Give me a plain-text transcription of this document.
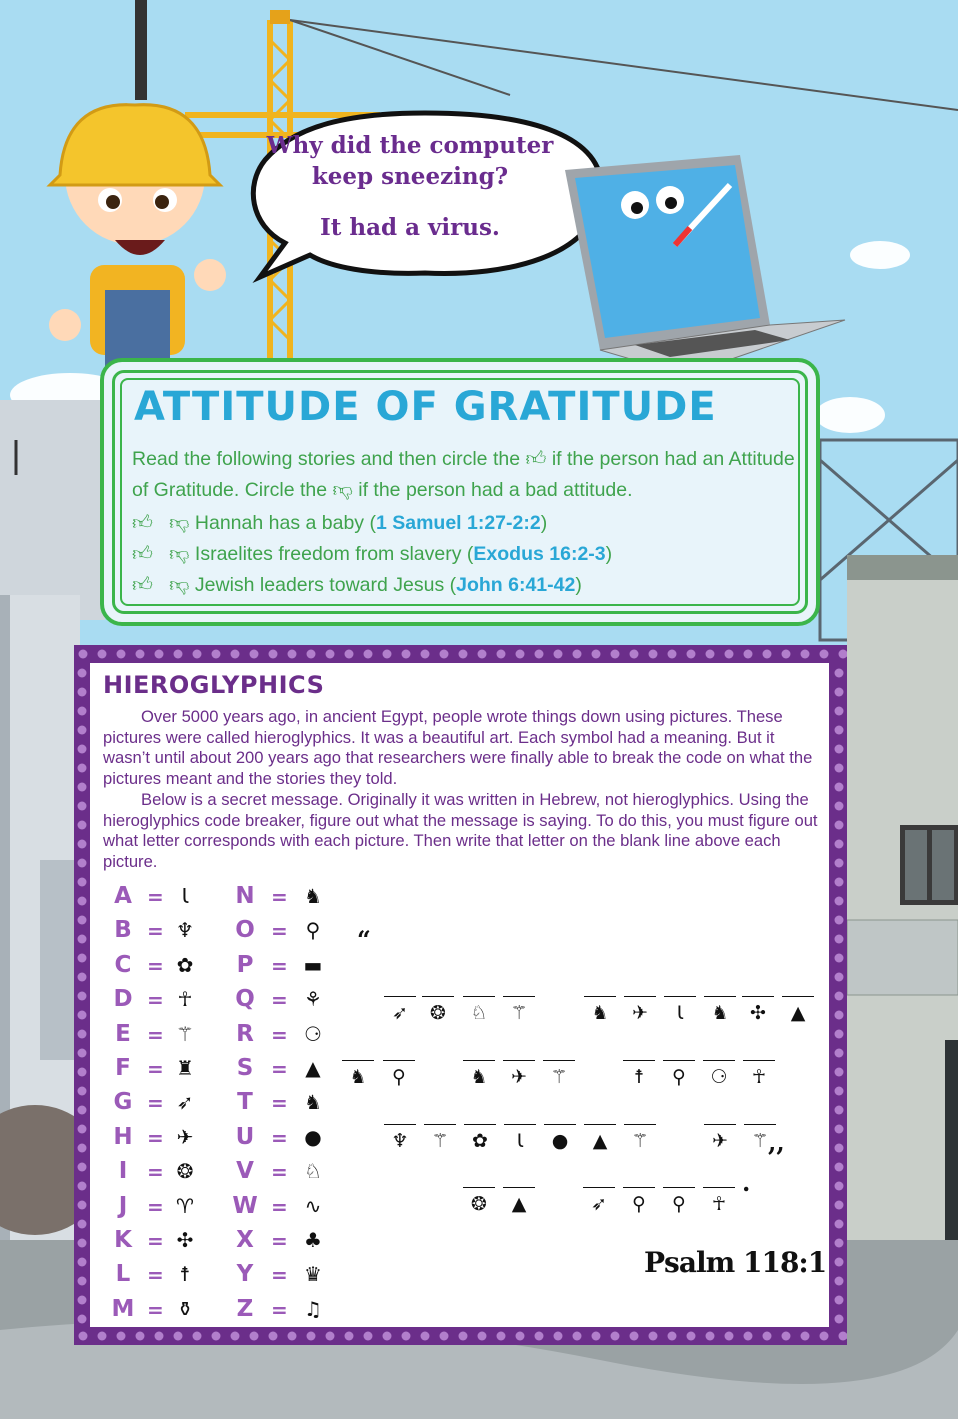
Why did the computer
keep sneezing?
It had a virus.
ATTITUDE OF GRATITUDE
Read the following stories and then circle the 👍︎ if the person had an Attitude of Gratitude. Circle the 👎︎ if the person had a bad attitude.
👍︎ 👎︎ Hannah has a baby (1 Samuel 1:27-2:2)
👍︎ 👎︎ Israelites freedom from slavery (Exodus 16:2-3)
👍︎ 👎︎ Jewish leaders toward Jesus (John 6:41-42)
HIEROGLYPHICS

Over 5000 years ago, in ancient Egypt, people wrote things down using pictures. These pictures were called hieroglyphics. It was a beautiful art. Each symbol had a meaning. But it wasn’t until about 200 years ago that researchers were finally able to break the code on what the pictures meant and the stories they told.

Below is a secret message. Originally it was written in Hebrew, not hieroglyphics. Using the hieroglyphics code breaker, figure out what the message is saying. To do this, you must figure out what letter corresponds with each picture. Then write that letter on the blank line above each picture.

A = Ɩ	N = ♞
B = ♆ O = ⚲
C = ✿ P = ▬
D = ☥	Q = ⚘
E = ⚚ R = ⚆
F = ♜ S = ▲
G = ➶	T = ♞
H = ✈ U = ●
I = ❂ V = ♘
J = ♈ W = ∿
K = ✣ X = ♣
L = ☨	Y = ♛
M = ⚱ Z = ♫
“
➶	❂	♘	⚚	♞	✈	Ɩ	♞	✣	▲
♞	⚲	♞	✈	⚚	☨	⚲	⚆	☥
♆	⚚	✿	Ɩ	●	▲	⚚	✈	⚚
❂	▲	➶	⚲	⚲	☥
,,
.
Psalm 118:1
